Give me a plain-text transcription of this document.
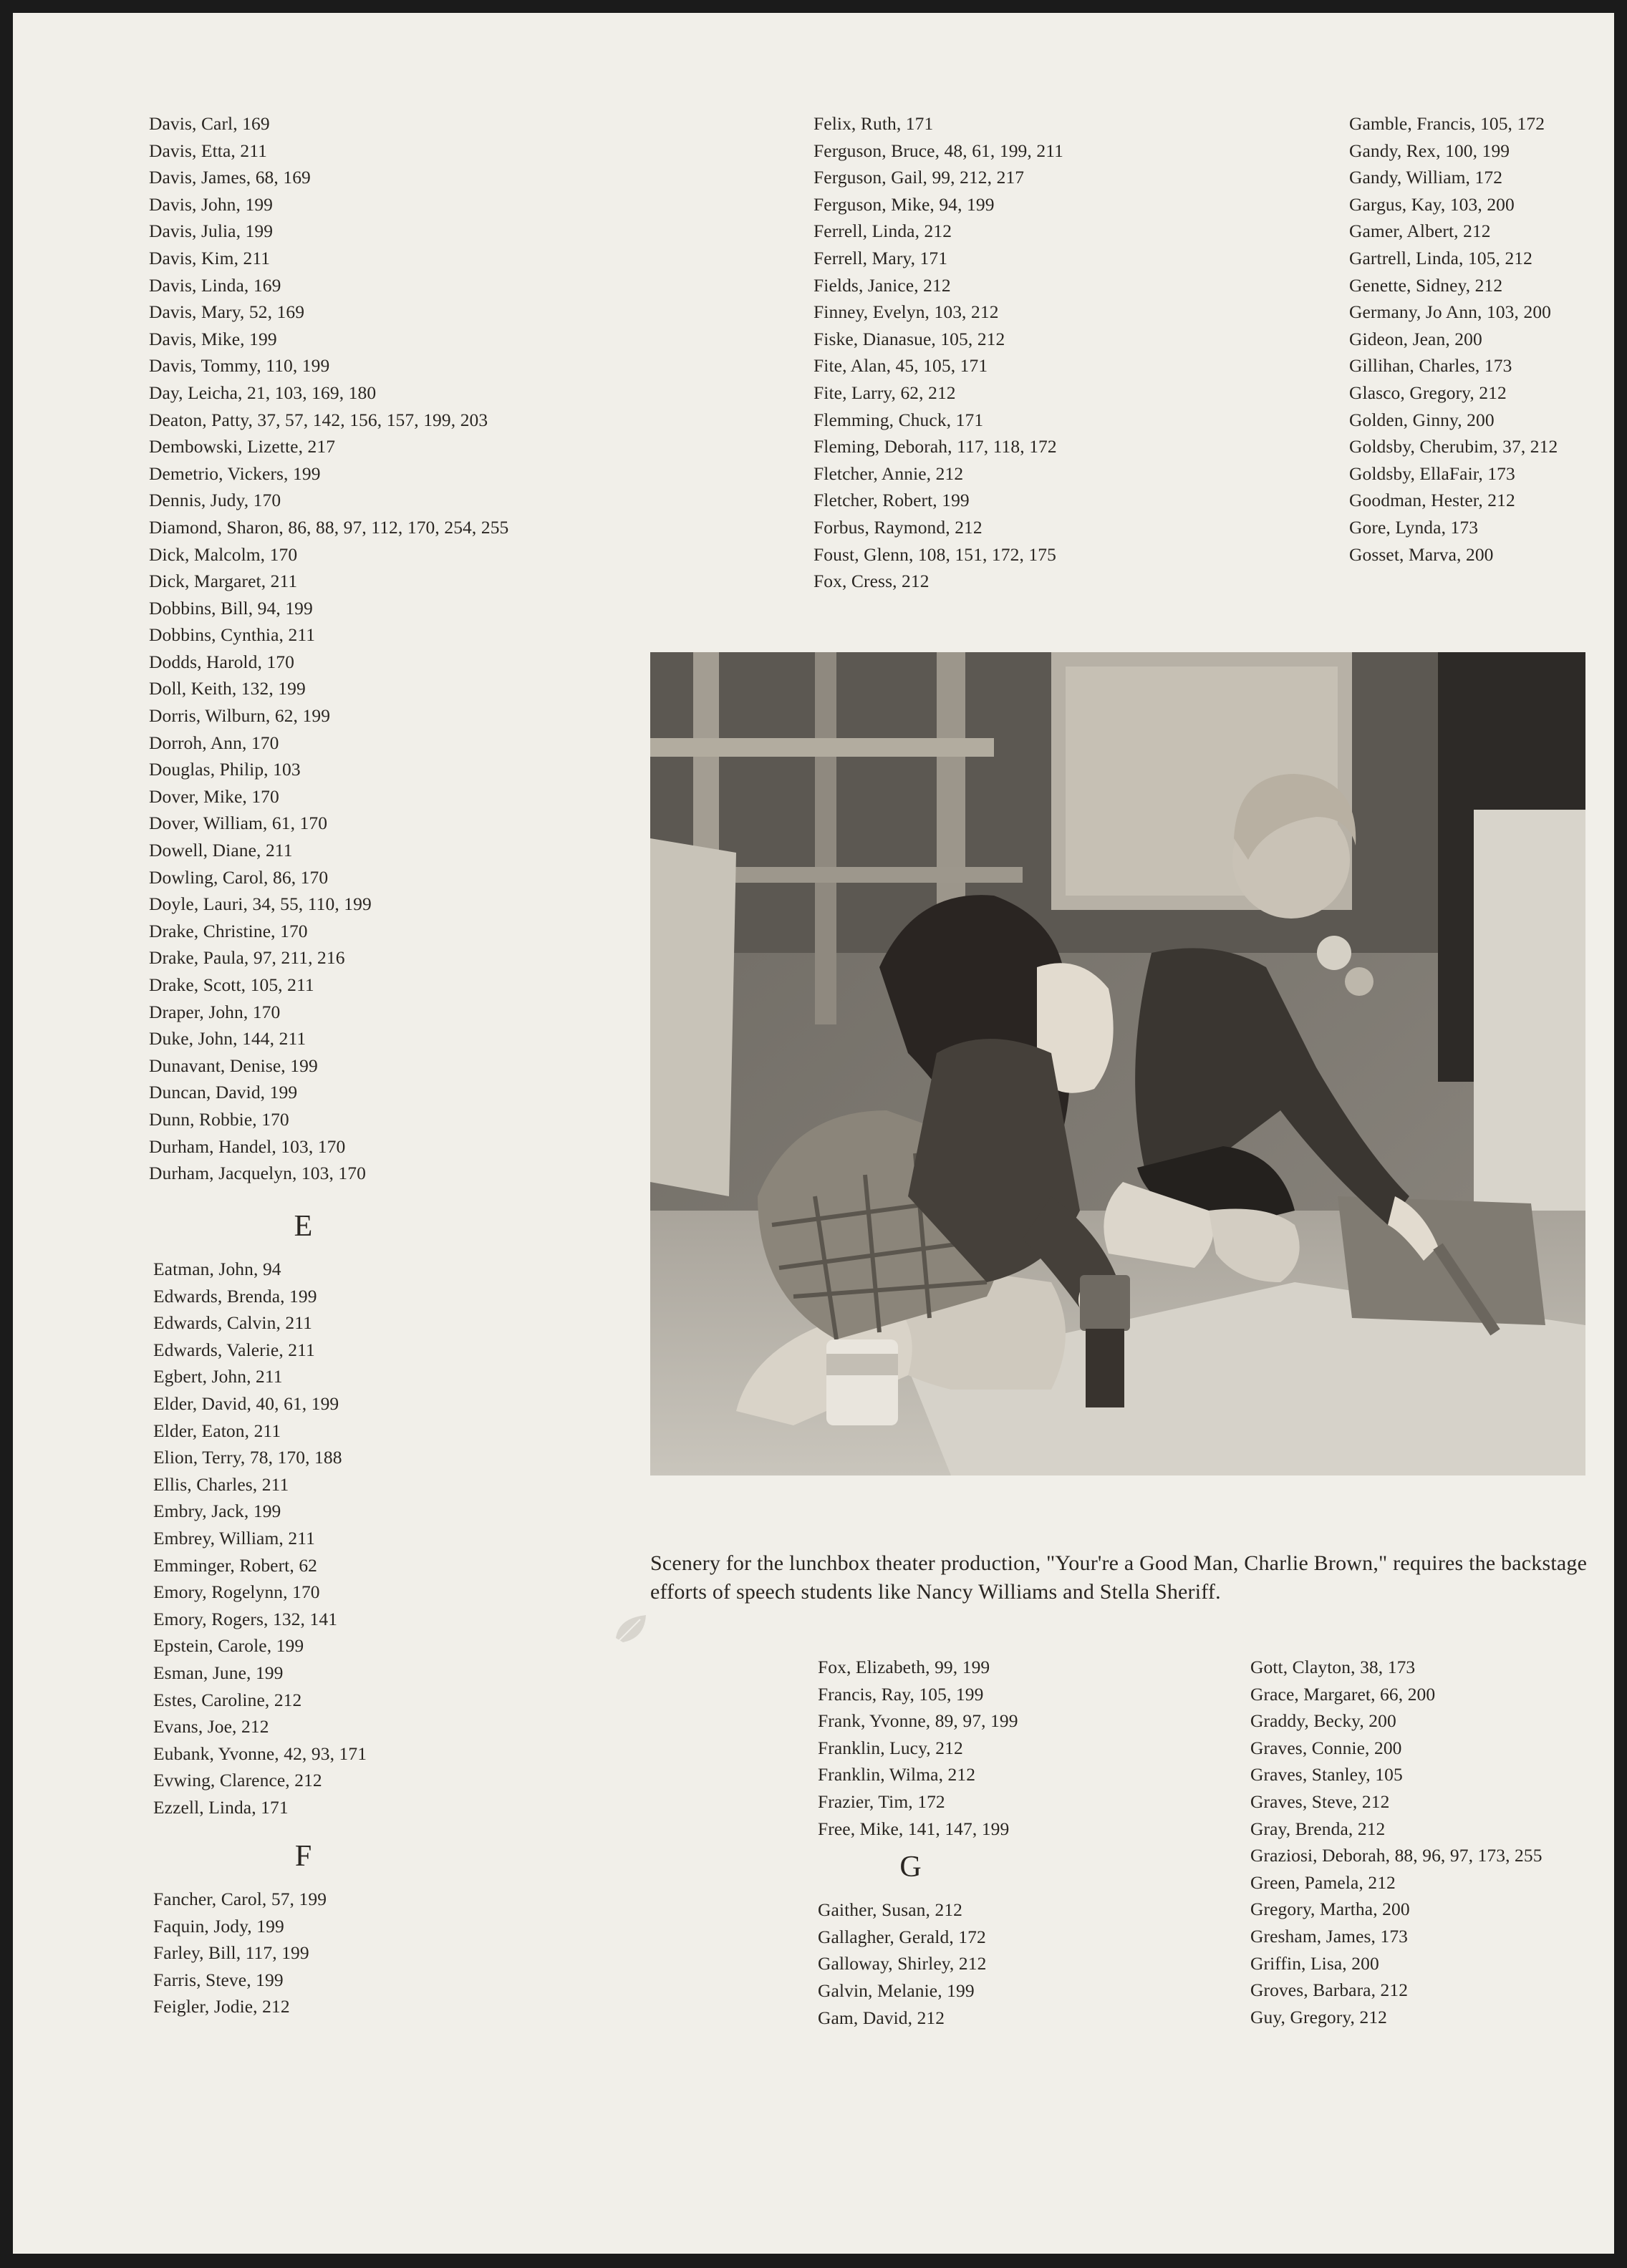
Davis, Carl, 169
Davis, Etta, 211
Davis, James, 68, 169
Davis, John, 199
Davis, Julia, 199
Davis, Kim, 211
Davis, Linda, 169
Davis, Mary, 52, 169
Davis, Mike, 199
Davis, Tommy, 110, 199
Day, Leicha, 21, 103, 169, 180
Deaton, Patty, 37, 57, 142, 156, 157, 199, 203
Dembowski, Lizette, 217
Demetrio, Vickers, 199
Dennis, Judy, 170
Diamond, Sharon, 86, 88, 97, 112, 170, 254, 255
Dick, Malcolm, 170
Dick, Margaret, 211
Dobbins, Bill, 94, 199
Dobbins, Cynthia, 211
Dodds, Harold, 170
Doll, Keith, 132, 199
Dorris, Wilburn, 62, 199
Dorroh, Ann, 170
Douglas, Philip, 103
Dover, Mike, 170
Dover, William, 61, 170
Dowell, Diane, 211
Dowling, Carol, 86, 170
Doyle, Lauri, 34, 55, 110, 199
Drake, Christine, 170
Drake, Paula, 97, 211, 216
Drake, Scott, 105, 211
Draper, John, 170
Duke, John, 144, 211
Dunavant, Denise, 199
Duncan, David, 199
Dunn, Robbie, 170
Durham, Handel, 103, 170
Durham, Jacquelyn, 103, 170
E
Eatman, John, 94
Edwards, Brenda, 199
Edwards, Calvin, 211
Edwards, Valerie, 211
Egbert, John, 211
Elder, David, 40, 61, 199
Elder, Eaton, 211
Elion, Terry, 78, 170, 188
Ellis, Charles, 211
Embry, Jack, 199
Embrey, William, 211
Emminger, Robert, 62
Emory, Rogelynn, 170
Emory, Rogers, 132, 141
Epstein, Carole, 199
Esman, June, 199
Estes, Caroline, 212
Evans, Joe, 212
Eubank, Yvonne, 42, 93, 171
Evwing, Clarence, 212
Ezzell, Linda, 171
F
Fancher, Carol, 57, 199
Faquin, Jody, 199
Farley, Bill, 117, 199
Farris, Steve, 199
Feigler, Jodie, 212
Felix, Ruth, 171
Ferguson, Bruce, 48, 61, 199, 211
Ferguson, Gail, 99, 212, 217
Ferguson, Mike, 94, 199
Ferrell, Linda, 212
Ferrell, Mary, 171
Fields, Janice, 212
Finney, Evelyn, 103, 212
Fiske, Dianasue, 105, 212
Fite, Alan, 45, 105, 171
Fite, Larry, 62, 212
Flemming, Chuck, 171
Fleming, Deborah, 117, 118, 172
Fletcher, Annie, 212
Fletcher, Robert, 199
Forbus, Raymond, 212
Foust, Glenn, 108, 151, 172, 175
Fox, Cress, 212
Gamble, Francis, 105, 172
Gandy, Rex, 100, 199
Gandy, William, 172
Gargus, Kay, 103, 200
Gamer, Albert, 212
Gartrell, Linda, 105, 212
Genette, Sidney, 212
Germany, Jo Ann, 103, 200
Gideon, Jean, 200
Gillihan, Charles, 173
Glasco, Gregory, 212
Golden, Ginny, 200
Goldsby, Cherubim, 37, 212
Goldsby, EllaFair, 173
Goodman, Hester, 212
Gore, Lynda, 173
Gosset, Marva, 200
Scenery for the lunchbox theater production, "Your're a Good Man, Charlie Brown," requires the backstage efforts of speech students like Nancy Williams and Stella Sheriff.
Fox, Elizabeth, 99, 199
Francis, Ray, 105, 199
Frank, Yvonne, 89, 97, 199
Franklin, Lucy, 212
Franklin, Wilma, 212
Frazier, Tim, 172
Free, Mike, 141, 147, 199
G
Gaither, Susan, 212
Gallagher, Gerald, 172
Galloway, Shirley, 212
Galvin, Melanie, 199
Gam, David, 212
Gott, Clayton, 38, 173
Grace, Margaret, 66, 200
Graddy, Becky, 200
Graves, Connie, 200
Graves, Stanley, 105
Graves, Steve, 212
Gray, Brenda, 212
Graziosi, Deborah, 88, 96, 97, 173, 255
Green, Pamela, 212
Gregory, Martha, 200
Gresham, James, 173
Griffin, Lisa, 200
Groves, Barbara, 212
Guy, Gregory, 212
